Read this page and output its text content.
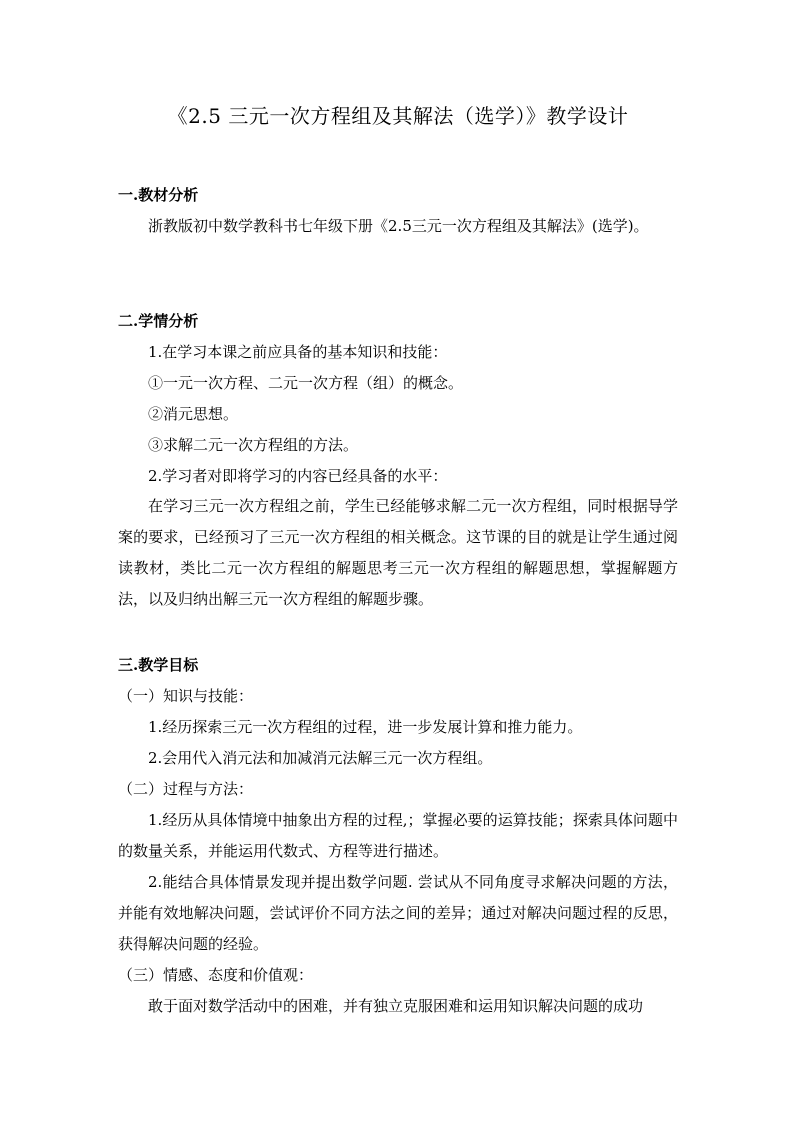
《2.5 三元一次方程组及其解法（选学）》教学设计
一.教材分析
浙教版初中数学教科书七年级下册《2.5三元一次方程组及其解法》(选学)。
二.学情分析
1.在学习本课之前应具备的基本知识和技能：
①一元一次方程、二元一次方程（组）的概念。
②消元思想。
③求解二元一次方程组的方法。
2.学习者对即将学习的内容已经具备的水平：
在学习三元一次方程组之前，学生已经能够求解二元一次方程组，同时根据导学案的要求，已经预习了三元一次方程组的相关概念。这节课的目的就是让学生通过阅读教材，类比二元一次方程组的解题思考三元一次方程组的解题思想，掌握解题方法，以及归纳出解三元一次方程组的解题步骤。
三.教学目标
（一）知识与技能：
1.经历探索三元一次方程组的过程，进一步发展计算和推力能力。
2.会用代入消元法和加减消元法解三元一次方程组。
（二）过程与方法：
1.经历从具体情境中抽象出方程的过程,；掌握必要的运算技能；探索具体问题中的数量关系，并能运用代数式、方程等进行描述。
2.能结合具体情景发现并提出数学问题. 尝试从不同角度寻求解决问题的方法，并能有效地解决问题，尝试评价不同方法之间的差异；通过对解决问题过程的反思，获得解决问题的经验。
（三）情感、态度和价值观：
敢于面对数学活动中的困难，并有独立克服困难和运用知识解决问题的成功
